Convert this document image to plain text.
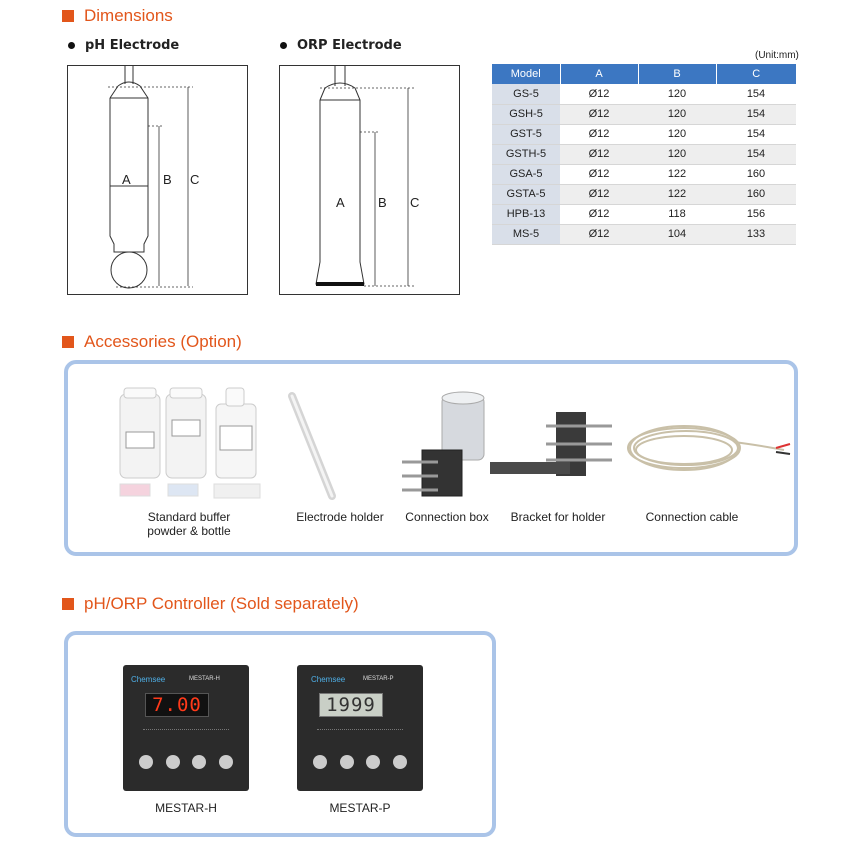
Dimensions
pH Electrode	ORP Electrode
A B C
A	B C
(Unit:mm)
Model	A	B	C
GS-5	Ø12	120	154
GSH-5	Ø12	120	154
GST-5	Ø12	120	154
GSTH-5	Ø12	120	154
GSA-5	Ø12	122	160
GSTA-5	Ø12	122	160
HPB-13	Ø12	118	156
MS-5	Ø12	104	133
Accessories (Option)
Standard buffer
powder & bottle
Electrode holder	Connection box	Bracket for holder	Connection cable
pH/ORP Controller (Sold separately)
Chemsee	MESTAR-H
7.00
Chemsee	MESTAR-P
1999
MESTAR-H	MESTAR-P
